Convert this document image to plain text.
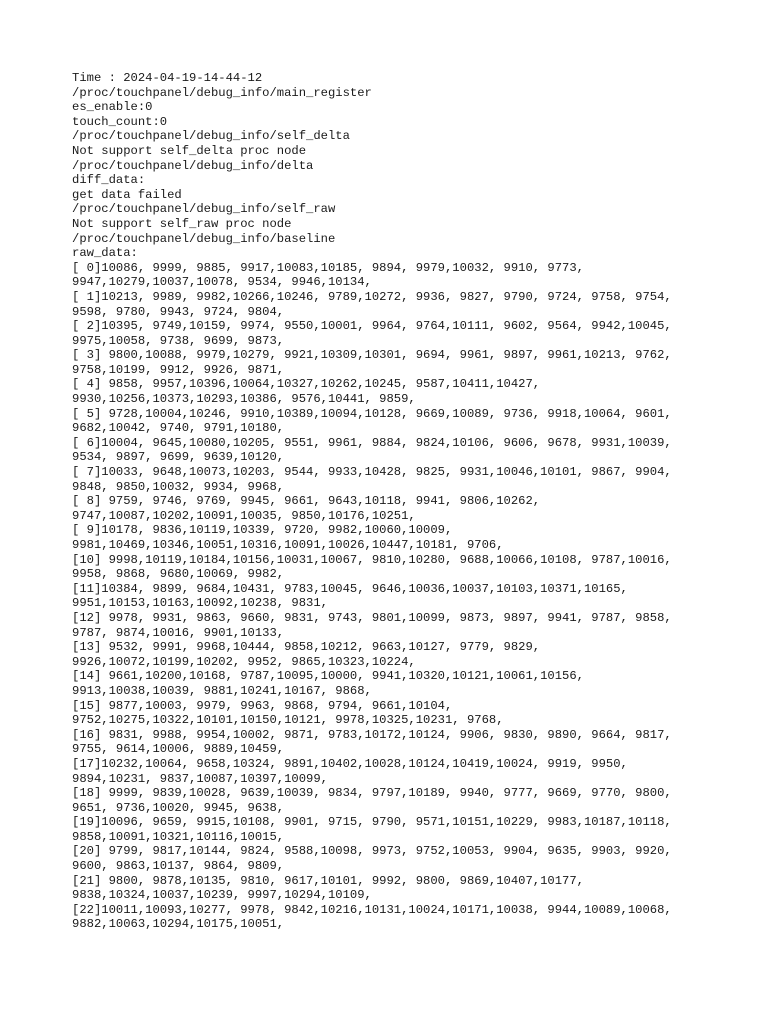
Time : 2024-04-19-14-44-12
/proc/touchpanel/debug_info/main_register
es_enable:0
touch_count:0
/proc/touchpanel/debug_info/self_delta
Not support self_delta proc node
/proc/touchpanel/debug_info/delta
diff_data:
get data failed
/proc/touchpanel/debug_info/self_raw
Not support self_raw proc node
/proc/touchpanel/debug_info/baseline
raw_data:
[ 0]10086, 9999, 9885, 9917,10083,10185, 9894, 9979,10032, 9910, 9773,
9947,10279,10037,10078, 9534, 9946,10134,
[ 1]10213, 9989, 9982,10266,10246, 9789,10272, 9936, 9827, 9790, 9724, 9758, 9754,
9598, 9780, 9943, 9724, 9804,
[ 2]10395, 9749,10159, 9974, 9550,10001, 9964, 9764,10111, 9602, 9564, 9942,10045,
9975,10058, 9738, 9699, 9873,
[ 3] 9800,10088, 9979,10279, 9921,10309,10301, 9694, 9961, 9897, 9961,10213, 9762,
9758,10199, 9912, 9926, 9871,
[ 4] 9858, 9957,10396,10064,10327,10262,10245, 9587,10411,10427,
9930,10256,10373,10293,10386, 9576,10441, 9859,
[ 5] 9728,10004,10246, 9910,10389,10094,10128, 9669,10089, 9736, 9918,10064, 9601,
9682,10042, 9740, 9791,10180,
[ 6]10004, 9645,10080,10205, 9551, 9961, 9884, 9824,10106, 9606, 9678, 9931,10039,
9534, 9897, 9699, 9639,10120,
[ 7]10033, 9648,10073,10203, 9544, 9933,10428, 9825, 9931,10046,10101, 9867, 9904,
9848, 9850,10032, 9934, 9968,
[ 8] 9759, 9746, 9769, 9945, 9661, 9643,10118, 9941, 9806,10262,
9747,10087,10202,10091,10035, 9850,10176,10251,
[ 9]10178, 9836,10119,10339, 9720, 9982,10060,10009,
9981,10469,10346,10051,10316,10091,10026,10447,10181, 9706,
[10] 9998,10119,10184,10156,10031,10067, 9810,10280, 9688,10066,10108, 9787,10016,
9958, 9868, 9680,10069, 9982,
[11]10384, 9899, 9684,10431, 9783,10045, 9646,10036,10037,10103,10371,10165,
9951,10153,10163,10092,10238, 9831,
[12] 9978, 9931, 9863, 9660, 9831, 9743, 9801,10099, 9873, 9897, 9941, 9787, 9858,
9787, 9874,10016, 9901,10133,
[13] 9532, 9991, 9968,10444, 9858,10212, 9663,10127, 9779, 9829,
9926,10072,10199,10202, 9952, 9865,10323,10224,
[14] 9661,10200,10168, 9787,10095,10000, 9941,10320,10121,10061,10156,
9913,10038,10039, 9881,10241,10167, 9868,
[15] 9877,10003, 9979, 9963, 9868, 9794, 9661,10104,
9752,10275,10322,10101,10150,10121, 9978,10325,10231, 9768,
[16] 9831, 9988, 9954,10002, 9871, 9783,10172,10124, 9906, 9830, 9890, 9664, 9817,
9755, 9614,10006, 9889,10459,
[17]10232,10064, 9658,10324, 9891,10402,10028,10124,10419,10024, 9919, 9950,
9894,10231, 9837,10087,10397,10099,
[18] 9999, 9839,10028, 9639,10039, 9834, 9797,10189, 9940, 9777, 9669, 9770, 9800,
9651, 9736,10020, 9945, 9638,
[19]10096, 9659, 9915,10108, 9901, 9715, 9790, 9571,10151,10229, 9983,10187,10118,
9858,10091,10321,10116,10015,
[20] 9799, 9817,10144, 9824, 9588,10098, 9973, 9752,10053, 9904, 9635, 9903, 9920,
9600, 9863,10137, 9864, 9809,
[21] 9800, 9878,10135, 9810, 9617,10101, 9992, 9800, 9869,10407,10177,
9838,10324,10037,10239, 9997,10294,10109,
[22]10011,10093,10277, 9978, 9842,10216,10131,10024,10171,10038, 9944,10089,10068,
9882,10063,10294,10175,10051,
